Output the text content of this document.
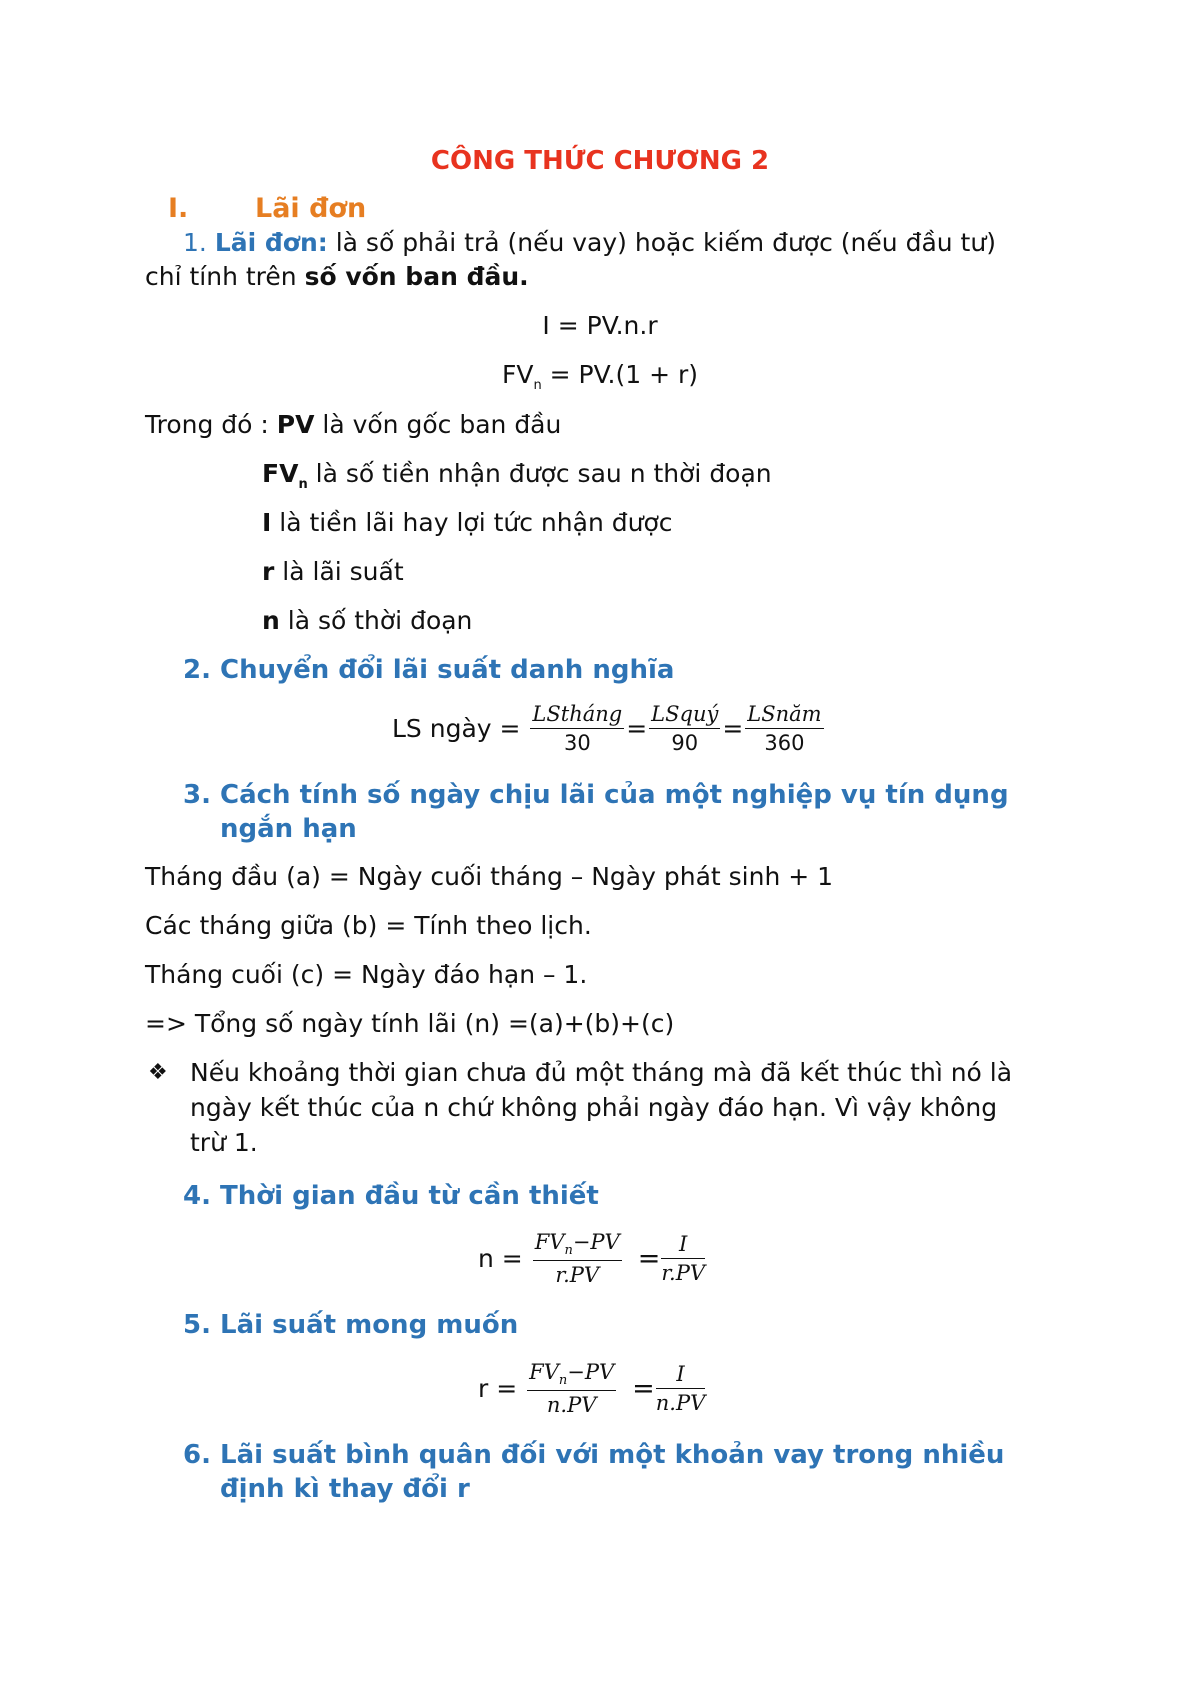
CÔNG THỨC CHƯƠNG 2
I. Lãi đơn
1. Lãi đơn: là số phải trả (nếu vay) hoặc kiếm được (nếu đầu tư)
chỉ tính trên số vốn ban đầu.
I = PV.n.r
$FV_n = PV.(1 + r)$
Trong đó : PV là vốn gốc ban đầu
$FV_n$ là số tiền nhận được sau n thời đoạn
I là tiền lãi hay lợi tức nhận được
r là lãi suất
n là số thời đoạn
2. Chuyển đổi lãi suất danh nghĩa
LS ngày = $\frac{\text{LStháng}}{30} = \frac{\text{LSquý}}{90} = \frac{\text{LSnăm}}{360}$
3. Cách tính số ngày chịu lãi của một nghiệp vụ tín dụng
ngắn hạn
Tháng đầu (a) = Ngày cuối tháng – Ngày phát sinh + 1
Các tháng giữa (b) = Tính theo lịch.
Tháng cuối (c) = Ngày đáo hạn – 1.
=> Tổng số ngày tính lãi (n) =(a)+(b)+(c)
❖ Nếu khoảng thời gian chưa đủ một tháng mà đã kết thúc thì nó là
ngày kết thúc của n chứ không phải ngày đáo hạn. Vì vậy không
trừ 1.
4. Thời gian đầu từ cần thiết
$n = \frac{FV_n-PV}{r.PV} = \frac{I}{r.PV}$
5. Lãi suất mong muốn
$r = \frac{FV_n-PV}{n.PV} = \frac{I}{n.PV}$
6. Lãi suất bình quân đối với một khoản vay trong nhiều
định kì thay đổi r
